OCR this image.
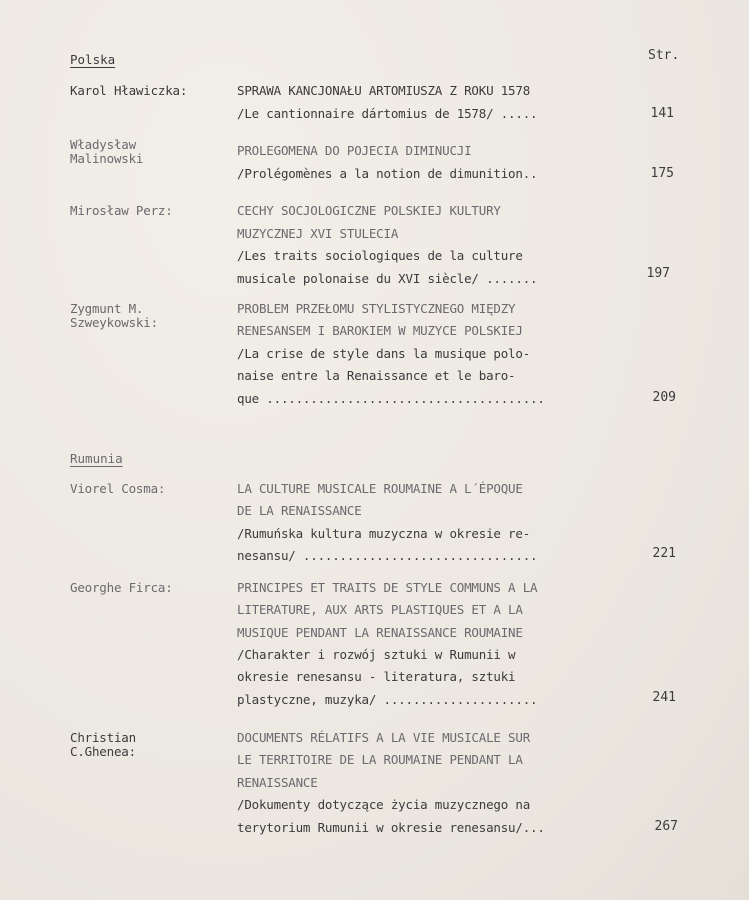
Polska	Str.
Karol Hławiczka:	SPRAWA KANCJONAŁU ARTOMIUSZA Z ROKU 1578
/Le cantionnaire dártomius de 1578/ .....	141
Władysław
Malinowski
PROLEGOMENA DO POJECIA DIMINUCJI
/Prolégomènes a la notion de dimunition..	175
Mirosław Perz:	CECHY SOCJOLOGICZNE POLSKIEJ KULTURY
MUZYCZNEJ XVI STULECIA
/Les traits sociologiques de la culture
musicale polonaise du XVI siècle/ .......	197
Zygmunt M.
Szweykowski:
PROBLEM PRZEŁOMU STYLISTYCZNEGO MIĘDZY
RENESANSEM I BAROKIEM W MUZYCE POLSKIEJ
/La crise de style dans la musique polo-
naise entre la Renaissance et le baro-
que ......................................	209
Rumunia
Viorel Cosma:	LA CULTURE MUSICALE ROUMAINE A L´ÉPOQUE
DE LA RENAISSANCE
/Rumuńska kultura muzyczna w okresie re-
nesansu/ ................................	221
Georghe Firca:	PRINCIPES ET TRAITS DE STYLE COMMUNS A LA
LITERATURE, AUX ARTS PLASTIQUES ET A LA
MUSIQUE PENDANT LA RENAISSANCE ROUMAINE
/Charakter i rozwój sztuki w Rumunii w
okresie renesansu - literatura, sztuki
plastyczne, muzyka/ .....................	241
Christian
C.Ghenea:
DOCUMENTS RÉLATIFS A LA VIE MUSICALE SUR
LE TERRITOIRE DE LA ROUMAINE PENDANT LA
RENAISSANCE
/Dokumenty dotyczące życia muzycznego na
terytorium Rumunii w okresie renesansu/...	267
